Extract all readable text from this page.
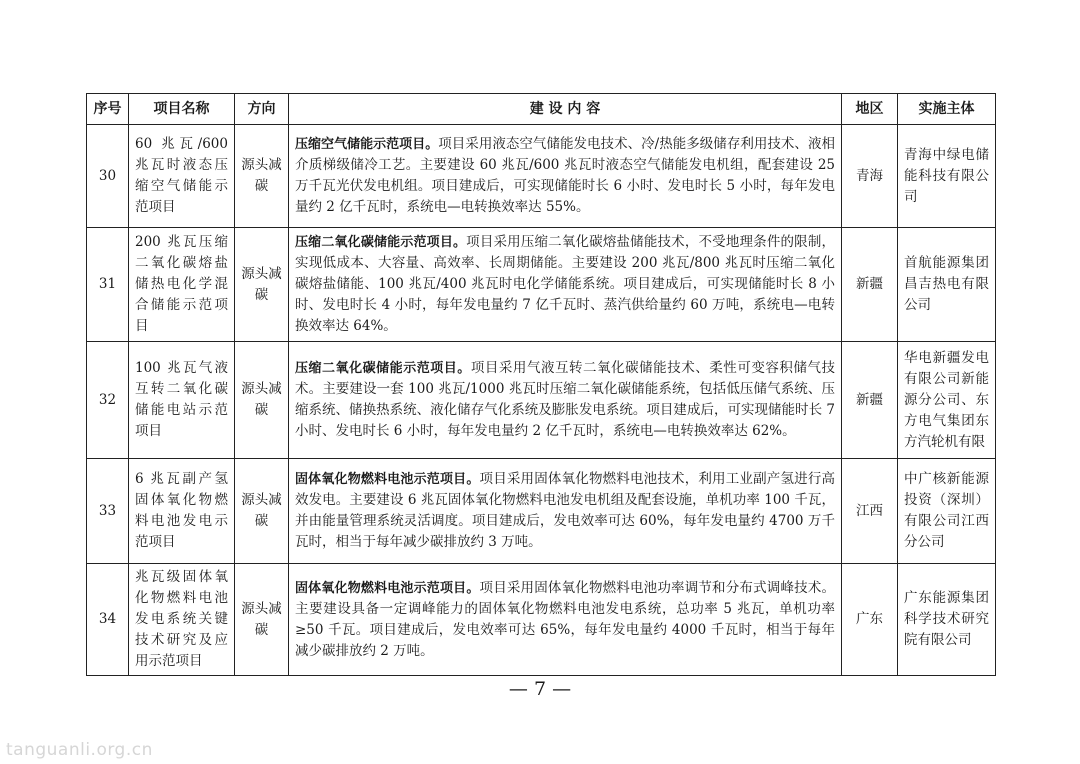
序号	项目名称	方向	建 设 内 容	地区	实施主体
30	60 兆瓦/600 兆瓦时液态压缩空气储能示范项目	源头减碳	压缩空气储能示范项目。项目采用液态空气储能发电技术、冷/热能多级储存利用技术、液相介质梯级储冷工艺。主要建设 60 兆瓦/600 兆瓦时液态空气储能发电机组，配套建设 25 万千瓦光伏发电机组。项目建成后，可实现储能时长 6 小时、发电时长 5 小时，每年发电量约 2 亿千瓦时，系统电—电转换效率达 55%。	青海	青海中绿电储能科技有限公司
31	200 兆瓦压缩二氧化碳熔盐储热电化学混合储能示范项目	源头减碳	压缩二氧化碳储能示范项目。项目采用压缩二氧化碳熔盐储能技术，不受地理条件的限制，实现低成本、大容量、高效率、长周期储能。主要建设 200 兆瓦/800 兆瓦时压缩二氧化碳熔盐储能、100 兆瓦/400 兆瓦时电化学储能系统。项目建成后，可实现储能时长 8 小时、发电时长 4 小时，每年发电量约 7 亿千瓦时、蒸汽供给量约 60 万吨，系统电—电转换效率达 64%。	新疆	首航能源集团昌吉热电有限公司
32	100 兆瓦气液互转二氧化碳储能电站示范项目	源头减碳	压缩二氧化碳储能示范项目。项目采用气液互转二氧化碳储能技术、柔性可变容积储气技术。主要建设一套 100 兆瓦/1000 兆瓦时压缩二氧化碳储能系统，包括低压储气系统、压缩系统、储换热系统、液化储存气化系统及膨胀发电系统。项目建成后，可实现储能时长 7 小时、发电时长 6 小时，每年发电量约 2 亿千瓦时，系统电—电转换效率达 62%。	新疆	华电新疆发电有限公司新能源分公司、东方电气集团东方汽轮机有限
33	6 兆瓦副产氢固体氧化物燃料电池发电示范项目	源头减碳	固体氧化物燃料电池示范项目。项目采用固体氧化物燃料电池技术，利用工业副产氢进行高效发电。主要建设 6 兆瓦固体氧化物燃料电池发电机组及配套设施，单机功率 100 千瓦，并由能量管理系统灵活调度。项目建成后，发电效率可达 60%，每年发电量约 4700 万千瓦时，相当于每年减少碳排放约 3 万吨。	江西	中广核新能源投资（深圳）有限公司江西分公司
34	兆瓦级固体氧化物燃料电池发电系统关键技术研究及应用示范项目	源头减碳	固体氧化物燃料电池示范项目。项目采用固体氧化物燃料电池功率调节和分布式调峰技术。主要建设具备一定调峰能力的固体氧化物燃料电池发电系统，总功率 5 兆瓦，单机功率≥50 千瓦。项目建成后，发电效率可达 65%，每年发电量约 4000 千瓦时，相当于每年减少碳排放约 2 万吨。	广东	广东能源集团科学技术研究院有限公司
— 7 —
tanguanli.org.cn
